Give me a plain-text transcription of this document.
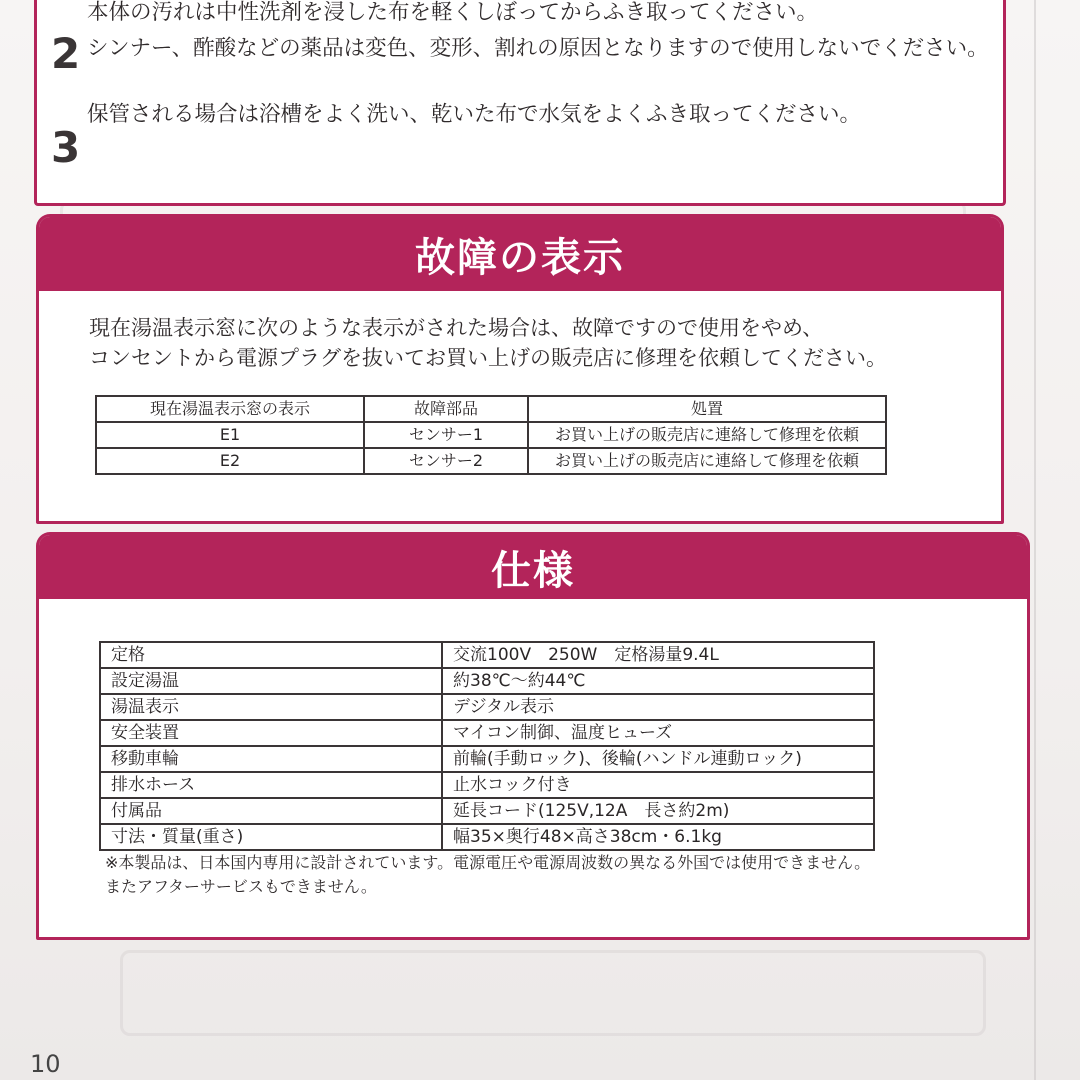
本体の汚れは中性洗剤を浸した布を軽くしぼってからふき取ってください。
2 シンナー、酢酸などの薬品は変色、変形、割れの原因となりますので使用しないでください。
3
保管される場合は浴槽をよく洗い、乾いた布で水気をよくふき取ってください。
故障の表示
現在湯温表示窓に次のような表示がされた場合は、故障ですので使用をやめ、
コンセントから電源プラグを抜いてお買い上げの販売店に修理を依頼してください。
現在湯温表示窓の表示	故障部品	処置
E1	センサー1	お買い上げの販売店に連絡して修理を依頼
E2	センサー2	お買い上げの販売店に連絡して修理を依頼
仕様
定格	交流100V　250W　定格湯量9.4L
設定湯温	約38℃～約44℃
湯温表示	デジタル表示
安全装置	マイコン制御、温度ヒューズ
移動車輪	前輪(手動ロック)、後輪(ハンドル連動ロック)
排水ホース	止水コック付き
付属品	延長コード(125V,12A　長さ約2m)
寸法・質量(重さ)	幅35×奥行48×高さ38cm・6.1kg
※本製品は、日本国内専用に設計されています。電源電圧や電源周波数の異なる外国では使用できません。
またアフターサービスもできません。
10
